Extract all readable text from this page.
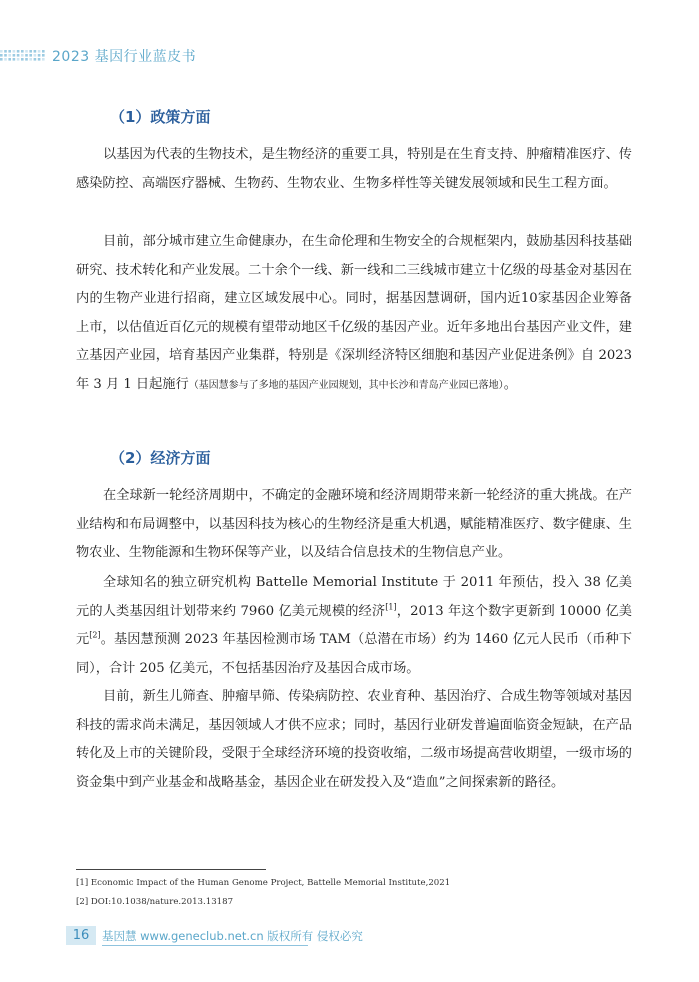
2023 基因行业蓝皮书
（1）政策方面

以基因为代表的生物技术，是生物经济的重要工具，特别是在生育支持、肿瘤精准医疗、传感染防控、高端医疗器械、生物药、生物农业、生物多样性等关键发展领域和民生工程方面。

目前，部分城市建立生命健康办，在生命伦理和生物安全的合规框架内，鼓励基因科技基础研究、技术转化和产业发展。二十余个一线、新一线和二三线城市建立十亿级的母基金对基因在内的生物产业进行招商，建立区域发展中心。同时，据基因慧调研，国内近10家基因企业筹备上市，以估值近百亿元的规模有望带动地区千亿级的基因产业。近年多地出台基因产业文件，建立基因产业园，培育基因产业集群，特别是《深圳经济特区细胞和基因产业促进条例》自 2023 年 3 月 1 日起施行（基因慧参与了多地的基因产业园规划，其中长沙和青岛产业园已落地）。

（2）经济方面

在全球新一轮经济周期中，不确定的金融环境和经济周期带来新一轮经济的重大挑战。在产业结构和布局调整中，以基因科技为核心的生物经济是重大机遇，赋能精准医疗、数字健康、生物农业、生物能源和生物环保等产业，以及结合信息技术的生物信息产业。

全球知名的独立研究机构 Battelle Memorial Institute 于 2011 年预估，投入 38 亿美元的人类基因组计划带来约 7960 亿美元规模的经济[1]，2013 年这个数字更新到 10000 亿美元[2]。基因慧预测 2023 年基因检测市场 TAM（总潜在市场）约为 1460 亿元人民币（币种下同），合计 205 亿美元，不包括基因治疗及基因合成市场。

目前，新生儿筛查、肿瘤早筛、传染病防控、农业育种、基因治疗、合成生物等领域对基因科技的需求尚未满足，基因领域人才供不应求；同时，基因行业研发普遍面临资金短缺，在产品转化及上市的关键阶段，受限于全球经济环境的投资收缩，二级市场提高营收期望，一级市场的资金集中到产业基金和战略基金，基因企业在研发投入及“造血”之间探索新的路径。

[1] Economic Impact of the Human Genome Project, Battelle Memorial Institute,2021
[2] DOI:10.1038/nature.2013.13187
16	基因慧 www.geneclub.net.cn 版权所有 侵权必究
